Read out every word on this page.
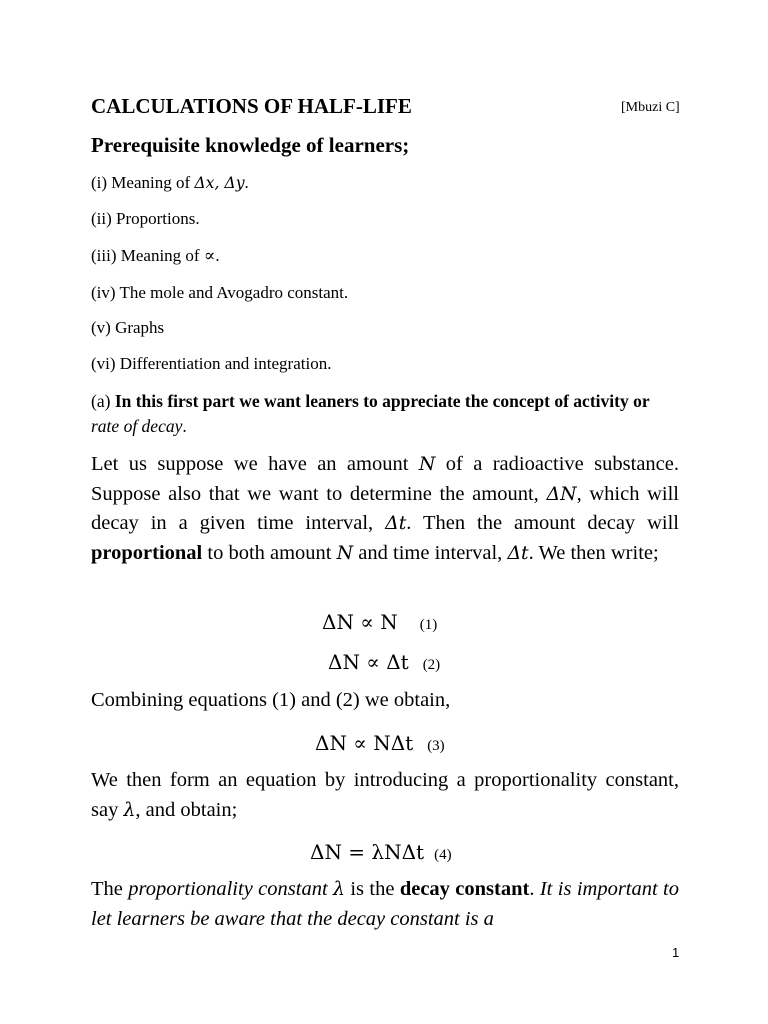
CALCULATIONS OF HALF-LIFE	[Mbuzi C]
Prerequisite knowledge of learners;
(i) Meaning of Δx, Δy.
(ii) Proportions.
(iii) Meaning of ∝.
(iv) The mole and Avogadro constant.
(v) Graphs
(vi) Differentiation and integration.
(a) In this first part we want leaners to appreciate the concept of activity or rate of decay.
Let us suppose we have an amount N of a radioactive substance. Suppose also that we want to determine the amount, ΔN, which will decay in a given time interval, Δt. Then the amount decay will proportional to both amount N and time interval, Δt. We then write;
ΔN ∝ N (1)
ΔN ∝ Δt (2)
Combining equations (1) and (2) we obtain,
ΔN ∝ NΔt (3)
We then form an equation by introducing a proportionality constant, say λ, and obtain;
ΔN = λNΔt (4)
The proportionality constant λ is the decay constant. It is important to let learners be aware that the decay constant is a
1
